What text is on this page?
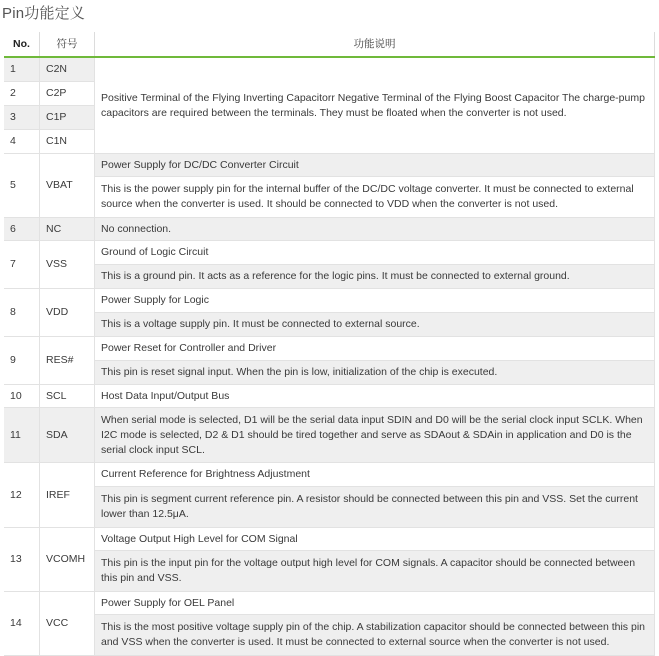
Pin功能定义
No.	符号	功能说明
1	C2N	Positive Terminal of the Flying Inverting Capacitorr Negative Terminal of the Flying Boost Capacitor The charge-pump capacitors are required between the terminals. They must be floated when the converter is not used.
2	C2P	
3	C1P	
4	C1N	
5	VBAT	Power Supply for DC/DC Converter Circuit
		This is the power supply pin for the internal buffer of the DC/DC voltage converter. It must be connected to external source when the converter is used. It should be connected to VDD when the converter is not used.
6	NC	No connection.
7	VSS	Ground of Logic Circuit
		This is a ground pin. It acts as a reference for the logic pins. It must be connected to external ground.
8	VDD	Power Supply for Logic
		This is a voltage supply pin. It must be connected to external source.
9	RES#	Power Reset for Controller and Driver
		This pin is reset signal input. When the pin is low, initialization of the chip is executed.
10	SCL	Host Data Input/Output Bus
11	SDA	When serial mode is selected, D1 will be the serial data input SDIN and D0 will be the serial clock input SCLK. When I2C mode is selected, D2 & D1 should be tired together and serve as SDAout & SDAin in application and D0 is the serial clock input SCL.
12	IREF	Current Reference for Brightness Adjustment
		This pin is segment current reference pin. A resistor should be connected between this pin and VSS. Set the current lower than 12.5μA.
13	VCOMH	Voltage Output High Level for COM Signal
		This pin is the input pin for the voltage output high level for COM signals. A capacitor should be connected between this pin and VSS.
14	VCC	Power Supply for OEL Panel
		This is the most positive voltage supply pin of the chip. A stabilization capacitor should be connected between this pin and VSS when the converter is used. It must be connected to external source when the converter is not used.
